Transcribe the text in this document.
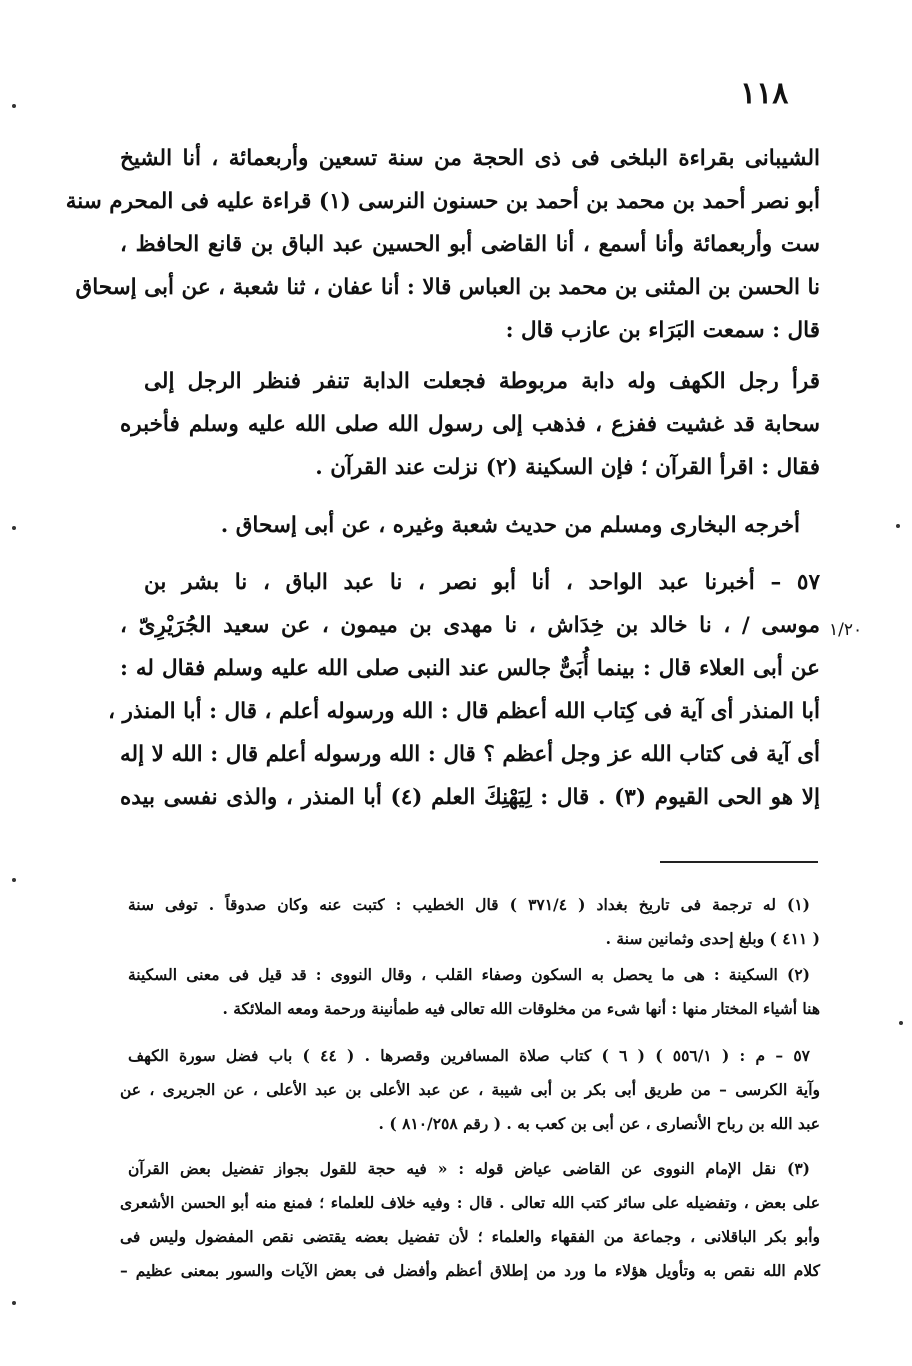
١١٨
١/٢٠
الشيبانى بقراءة البلخى فى ذى الحجة من سنة تسعين وأربعمائة ، أنا الشيخ
أبو نصر أحمد بن محمد بن أحمد بن حسنون النرسى (١) قراءة عليه فى المحرم سنة
ست وأربعمائة وأنا أسمع ، أنا القاضى أبو الحسين عبد الباق بن قانع الحافظ ،
نا الحسن بن المثنى بن محمد بن العباس قالا : أنا عفان ، ثنا شعبة ، عن أبى إسحاق
قال : سمعت البَرَاء بن عازب قال :
قرأ رجل الكهف وله دابة مربوطة فجعلت الدابة تنفر فنظر الرجل إلى
سحابة قد غشيت ففزع ، فذهب إلى رسول الله صلى الله عليه وسلم فأخبره
فقال : اقرأ القرآن ؛ فإن السكينة (٢) نزلت عند القرآن .
أخرجه البخارى ومسلم من حديث شعبة وغيره ، عن أبى إسحاق .
٥٧ – أخبرنا عبد الواحد ، أنا أبو نصر ، نا عبد الباق ، نا بشر بن
موسى / ، نا خالد بن خِدَاش ، نا مهدى بن ميمون ، عن سعيد الجُرَيْرِىّ ،
عن أبى العلاء قال : بينما أُبَىٌّ جالس عند النبى صلى الله عليه وسلم فقال له :
أبا المنذر أى آية فى كِتاب الله أعظم قال : الله ورسوله أعلم ، قال : أبا المنذر ،
أى آية فى كتاب الله عز وجل أعظم ؟ قال : الله ورسوله أعلم قال : الله لا إله
إلا هو الحى القيوم (٣) . قال : لِيَهْنِكَ العلم (٤) أبا المنذر ، والذى نفسى بيده
(١) له ترجمة فى تاريخ بغداد ( ٣٧١/٤ ) قال الخطيب : كتبت عنه وكان صدوقاً . توفى سنة
( ٤١١ ) وبلغ إحدى وثمانين سنة .
(٢) السكينة : هى ما يحصل به السكون وصفاء القلب ، وقال النووى : قد قيل فى معنى السكينة
هنا أشياء المختار منها : أنها شىء من مخلوقات الله تعالى فيه طمأنينة ورحمة ومعه الملائكة .
٥٧ – م : ( ٥٥٦/١ ) ( ٦ ) كتاب صلاة المسافرين وقصرها . ( ٤٤ ) باب فضل سورة الكهف
وآية الكرسى – من طريق أبى بكر بن أبى شيبة ، عن عبد الأعلى بن عبد الأعلى ، عن الجريرى ، عن
عبد الله بن رباح الأنصارى ، عن أبى بن كعب به . ( رقم ٨١٠/٢٥٨ ) .
(٣) نقل الإمام النووى عن القاضى عياض قوله : « فيه حجة للقول بجواز تفضيل بعض القرآن
على بعض ، وتفضيله على سائر كتب الله تعالى . قال : وفيه خلاف للعلماء ؛ فمنع منه أبو الحسن الأشعرى
وأبو بكر الباقلانى ، وجماعة من الفقهاء والعلماء ؛ لأن تفضيل بعضه يقتضى نقص المفضول وليس فى
كلام الله نقص به وتأويل هؤلاء ما ورد من إطلاق أعظم وأفضل فى بعض الآيات والسور بمعنى عظيم –
